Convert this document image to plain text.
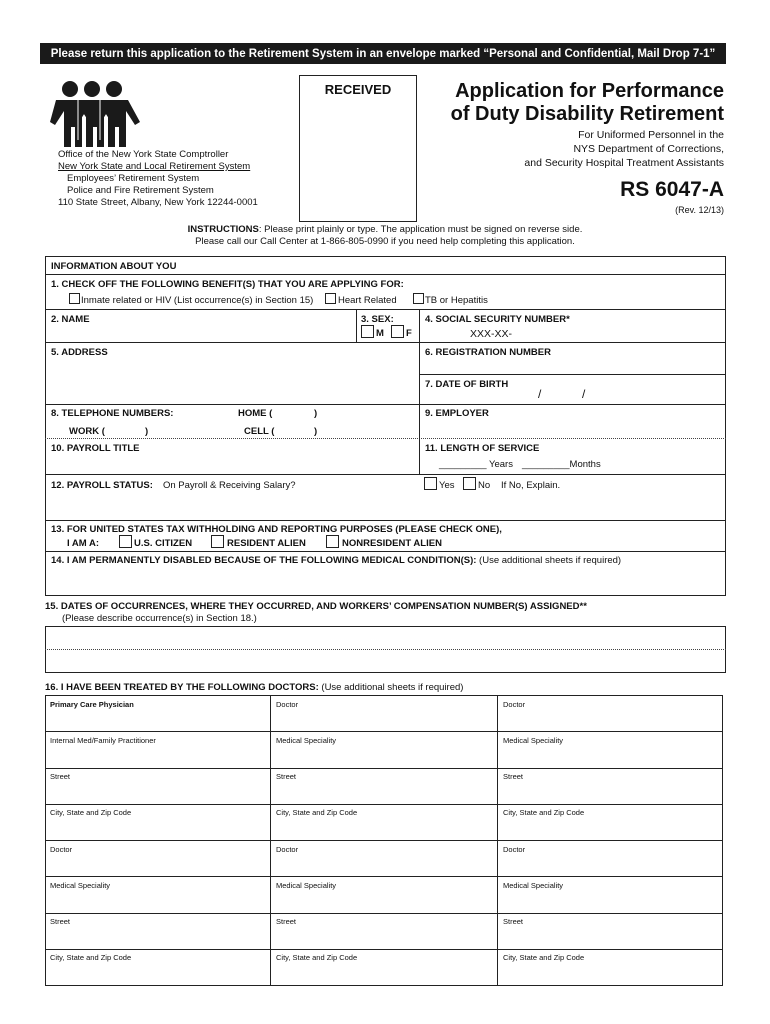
Please return this application to the Retirement System in an envelope marked “Personal and Confidential, Mail Drop 7-1”
RECEIVED	Application for Performance
of Duty Disability Retirement
For Uniformed Personnel in the
NYS Department of Corrections,
and Security Hospital Treatment Assistants
RS 6047-A
(Rev. 12/13)
Office of the New York State Comptroller
New York State and Local Retirement System
Employees’ Retirement System
Police and Fire Retirement System
110 State Street, Albany, New York 12244-0001
INSTRUCTIONS: Please print plainly or type. The application must be signed on reverse side.
Please call our Call Center at 1-866-805-0990 if you need help completing this application.
INFORMATION ABOUT YOU
1. CHECK OFF THE FOLLOWING BENEFIT(S) THAT YOU ARE APPLYING FOR:
Inmate related or HIV (List occurrence(s) in Section 15)	Heart Related	TB or Hepatitis
2. NAME	3. SEX:
M F
4. SOCIAL SECURITY NUMBER*
XXX-XX-
5. ADDRESS	6. REGISTRATION NUMBER
7. DATE OF BIRTH
/	/
8. TELEPHONE NUMBERS:	HOME (	)
WORK (	)	CELL (	)
9. EMPLOYER
10. PAYROLL TITLE	11. LENGTH OF SERVICE
_________ Years _________Months
12. PAYROLL STATUS: On Payroll & Receiving Salary?	Yes No If No, Explain.
13. FOR UNITED STATES TAX WITHHOLDING AND REPORTING PURPOSES (PLEASE CHECK ONE),
I AM A:	U.S. CITIZEN	RESIDENT ALIEN	NONRESIDENT ALIEN
14. I AM PERMANENTLY DISABLED BECAUSE OF THE FOLLOWING MEDICAL CONDITION(S): (Use additional sheets if required)
15. DATES OF OCCURRENCES, WHERE THEY OCCURRED, AND WORKERS’ COMPENSATION NUMBER(S) ASSIGNED**
(Please describe occurrence(s) in Section 18.)
16. I HAVE BEEN TREATED BY THE FOLLOWING DOCTORS: (Use additional sheets if required)
Primary Care Physician	Doctor	Doctor
Internal Med/Family Practitioner	Medical Speciality	Medical Speciality
Street	Street	Street
City, State and Zip Code	City, State and Zip Code	City, State and Zip Code
Doctor	Doctor	Doctor
Medical Speciality	Medical Speciality	Medical Speciality
Street	Street	Street
City, State and Zip Code	City, State and Zip Code	City, State and Zip Code
